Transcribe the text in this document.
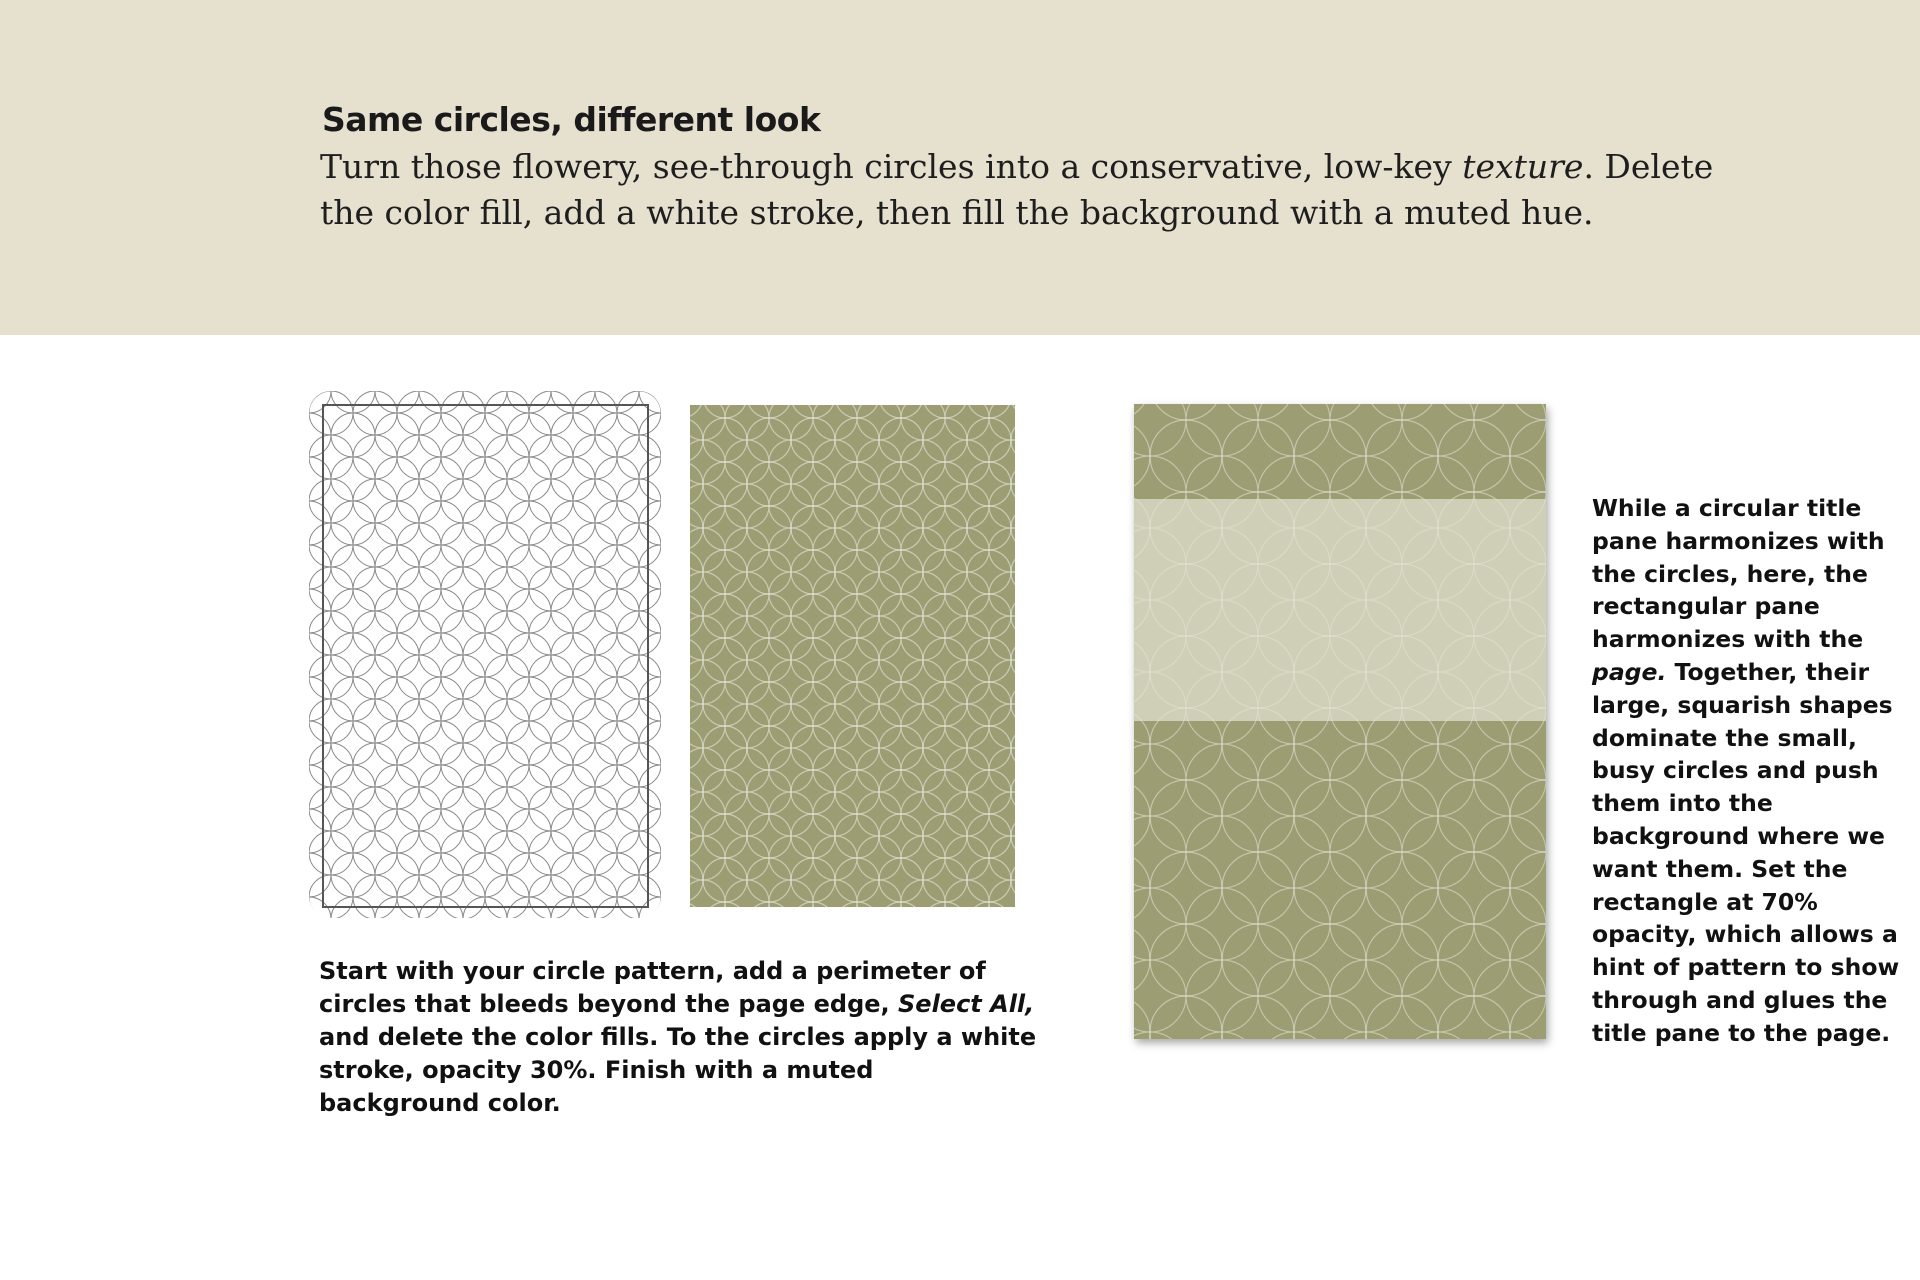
Same circles, different look

Turn those flowery, see-through circles into a conservative, low-key texture. Delete the color fill, add a white stroke, then fill the background with a muted hue.

Start with your circle pattern, add a perimeter of circles that bleeds beyond the page edge, Select All, and delete the color fills. To the circles apply a white stroke, opacity 30%. Finish with a muted background color.

While a circular title pane harmonizes with the circles, here, the rectangular pane harmonizes with the page. Together, their large, squarish shapes dominate the small, busy circles and push them into the background where we want them. Set the rectangle at 70% opacity, which allows a hint of pattern to show through and glues the title pane to the page.
